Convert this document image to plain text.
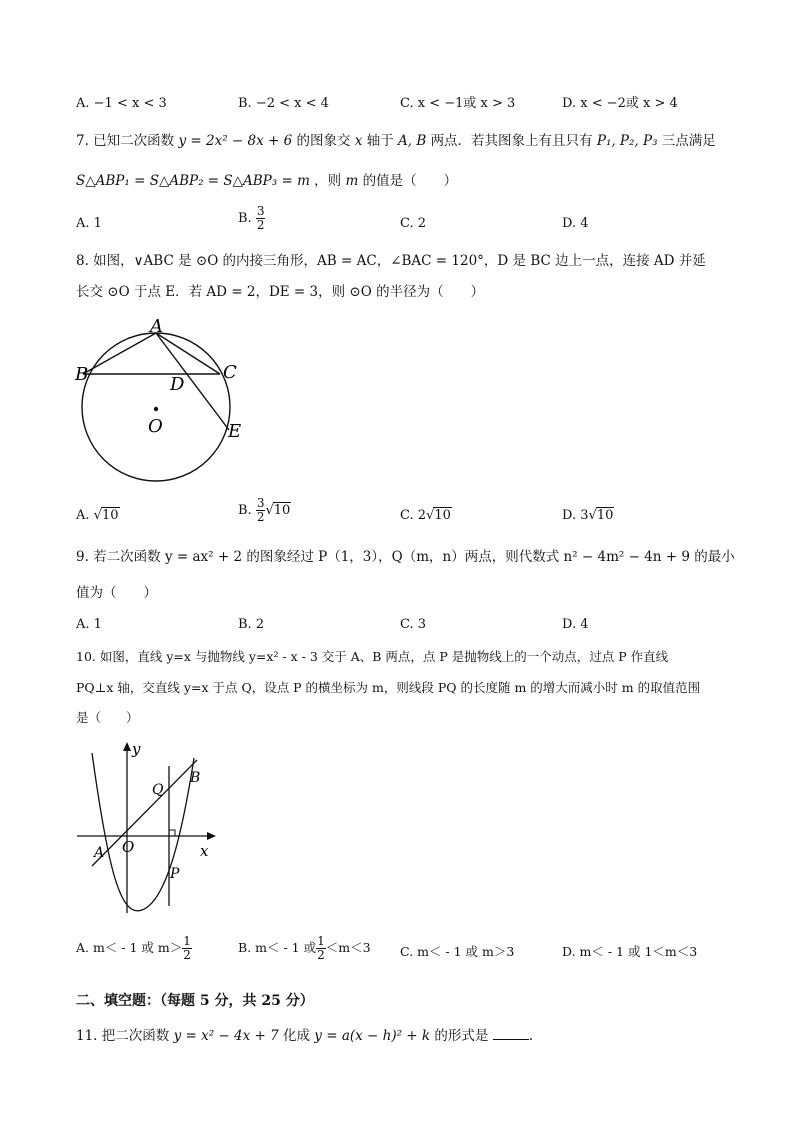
A. −1 < x < 3	B. −2 < x < 4	C. x < −1或 x > 3	D. x < −2或 x > 4
7. 已知二次函数 y = 2x² − 8x + 6 的图象交 x 轴于 A, B 两点．若其图象上有且只有 P₁, P₂, P₃ 三点满足
S△ABP₁ = S△ABP₂ = S△ABP₃ = m ，则 m 的值是（　　）
A. 1	B. $\frac{3}{2}$	C. 2	D. 4
8. 如图，∨ABC 是 ⊙O 的内接三角形，AB = AC，∠BAC = 120°，D 是 BC 边上一点，连接 AD 并延
长交 ⊙O 于点 E．若 AD = 2，DE = 3，则 ⊙O 的半径为（　　）
A
B	C
D
O	E
A. √10	B. $\frac{3}{2} √10$	C. 2√10	D. 3√10
9. 若二次函数 y = ax² + 2 的图象经过 P（1，3），Q（m，n）两点，则代数式 n² − 4m² − 4n + 9 的最小
值为（　　）
A. 1	B. 2	C. 3	D. 4
10. 如图，直线 y=x 与抛物线 y=x² - x - 3 交于 A、B 两点，点 P 是抛物线上的一个动点，过点 P 作直线
PQ⊥x 轴，交直线 y=x 于点 Q，设点 P 的横坐标为 m，则线段 PQ 的长度随 m 的增大而减小时 m 的取值范围
是（　　）
y
x
O
A
B
Q
P
A. m＜ - 1 或 $m> \frac{1}{2}$	B. m＜ - 1 或 $\frac{1}{2} <m<3$ C. m＜ - 1 或 m＞3	D. m＜ - 1 或 1＜m＜3
二、填空题：（每题 5 分，共 25 分）
11. 把二次函数 y = x² − 4x + 7 化成 y = a(x − h)² + k 的形式是	.
